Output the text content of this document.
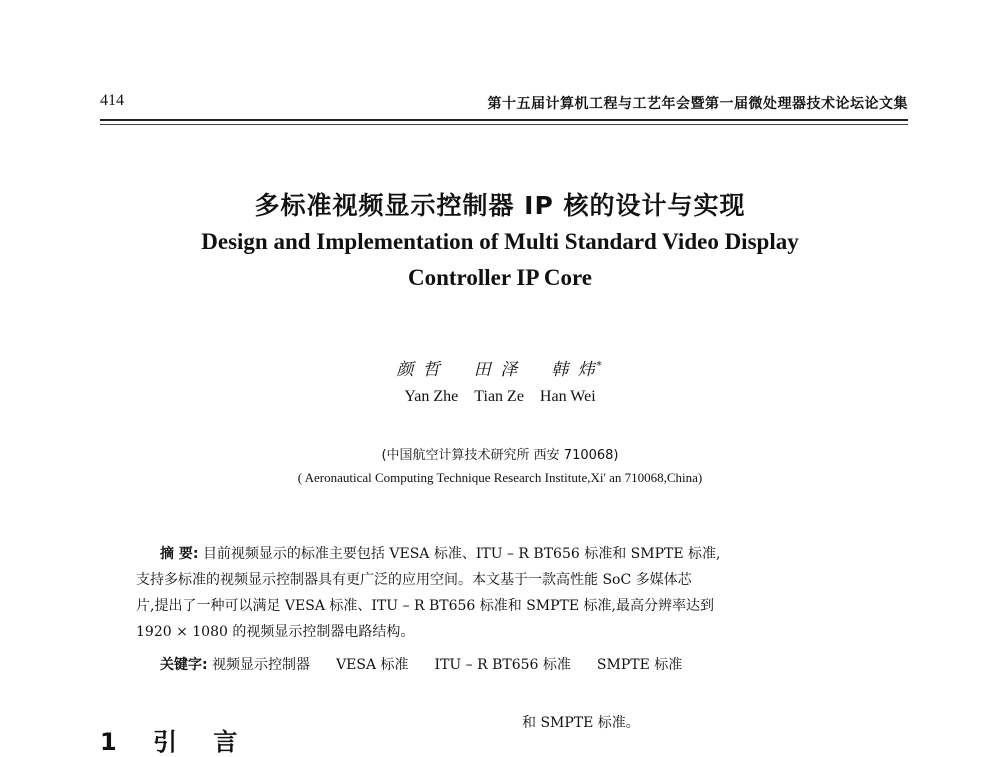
414	第十五届计算机工程与工艺年会暨第一届微处理器技术论坛论文集
多标准视频显示控制器 IP 核的设计与实现
Design and Implementation of Multi Standard Video Display
Controller IP Core
颜 哲 田 泽 韩 炜*
Yan Zhe Tian Ze Han Wei
(中国航空计算技术研究所 西安 710068)
( Aeronautical Computing Technique Research Institute,Xi' an 710068,China)
摘 要: 目前视频显示的标准主要包括 VESA 标准、ITU – R BT656 标准和 SMPTE 标准,
支持多标准的视频显示控制器具有更广泛的应用空间。本文基于一款高性能 SoC 多媒体芯
片,提出了一种可以满足 VESA 标准、ITU – R BT656 标准和 SMPTE 标准,最高分辨率达到
1920 × 1080 的视频显示控制器电路结构。
关键字: 视频显示控制器 VESA 标准 ITU – R BT656 标准 SMPTE 标准
1 引 言
和 SMPTE 标准。
